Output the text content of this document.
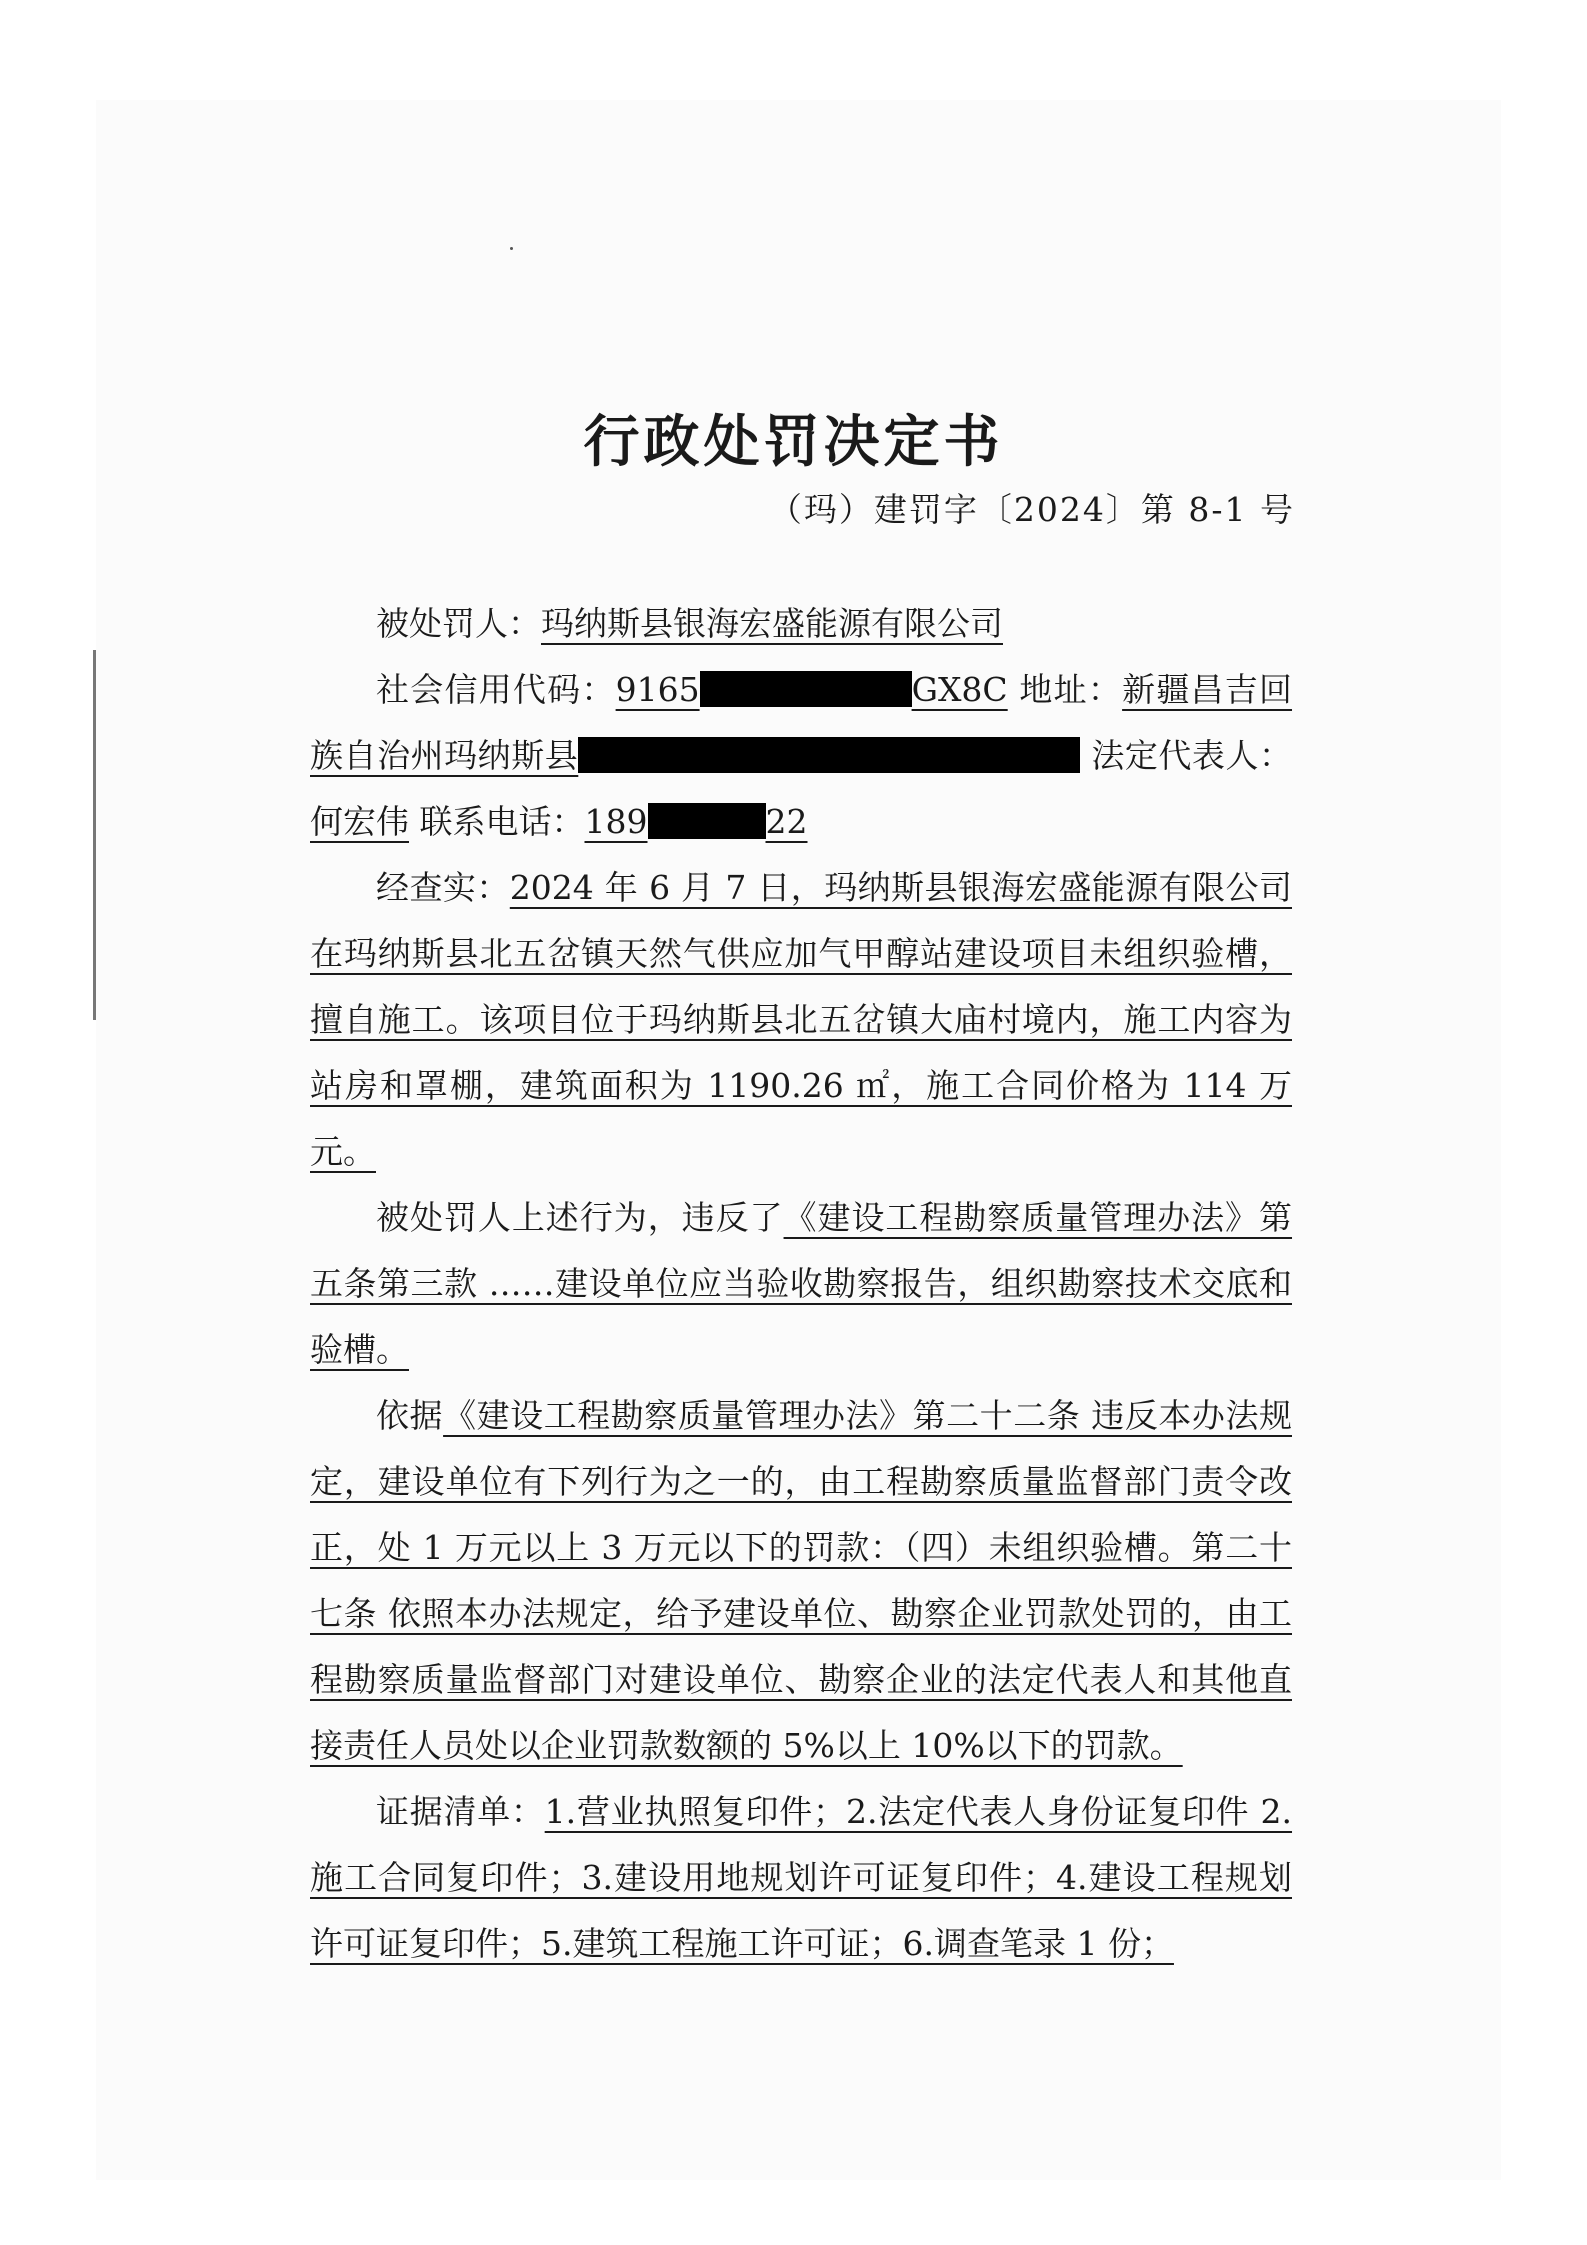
行政处罚决定书
（玛）建罚字〔2024〕第 8-1 号

被处罚人：玛纳斯县银海宏盛能源有限公司

社会信用代码：9165	GX8C 地址：新疆昌吉回族自治州玛纳斯县	法定代表人：何宏伟 联系电话：189	22

经查实：2024 年 6 月 7 日，玛纳斯县银海宏盛能源有限公司在玛纳斯县北五岔镇天然气供应加气甲醇站建设项目未组织验槽，擅自施工。该项目位于玛纳斯县北五岔镇大庙村境内，施工内容为站房和罩棚，建筑面积为 1190.26 ㎡，施工合同价格为 114 万元。

被处罚人上述行为，违反了《建设工程勘察质量管理办法》第五条第三款 ……建设单位应当验收勘察报告，组织勘察技术交底和验槽。

依据《建设工程勘察质量管理办法》第二十二条 违反本办法规定，建设单位有下列行为之一的，由工程勘察质量监督部门责令改正，处 1 万元以上 3 万元以下的罚款：（四）未组织验槽。第二十七条 依照本办法规定，给予建设单位、勘察企业罚款处罚的，由工程勘察质量监督部门对建设单位、勘察企业的法定代表人和其他直接责任人员处以企业罚款数额的 5%以上 10%以下的罚款。

证据清单：1.营业执照复印件；2.法定代表人身份证复印件 2.施工合同复印件；3.建设用地规划许可证复印件；4.建设工程规划许可证复印件；5.建筑工程施工许可证；6.调查笔录 1 份；
